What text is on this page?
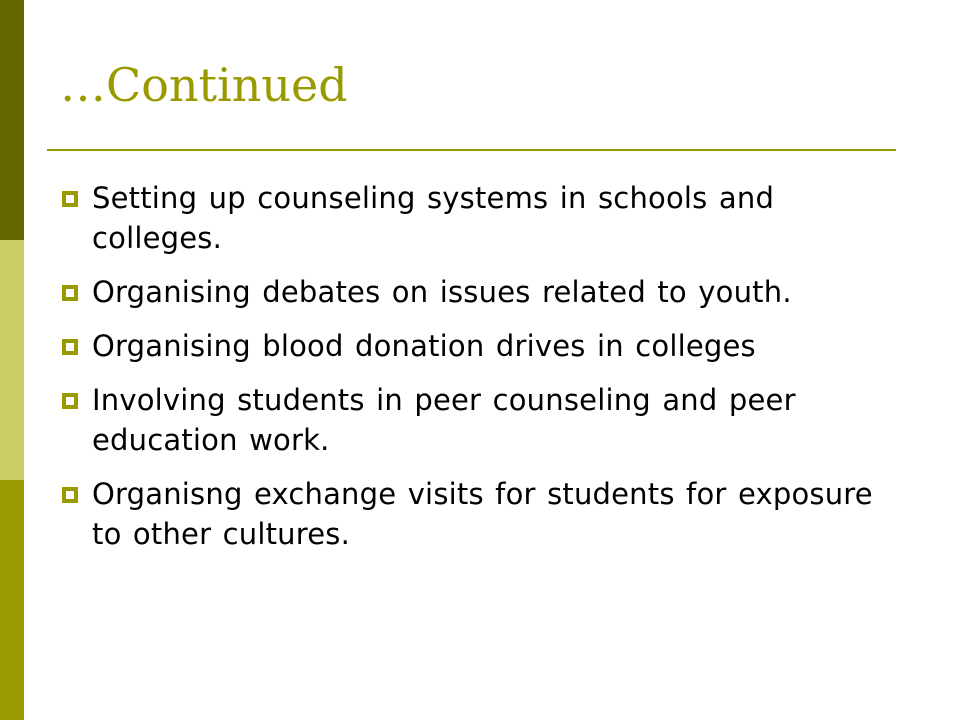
…Continued
Setting up counseling systems in schools and colleges.
Organising debates on issues related to youth.
Organising blood donation drives in colleges
Involving students in peer counseling and peer education work.
Organisng exchange visits for students for exposure to other cultures.
